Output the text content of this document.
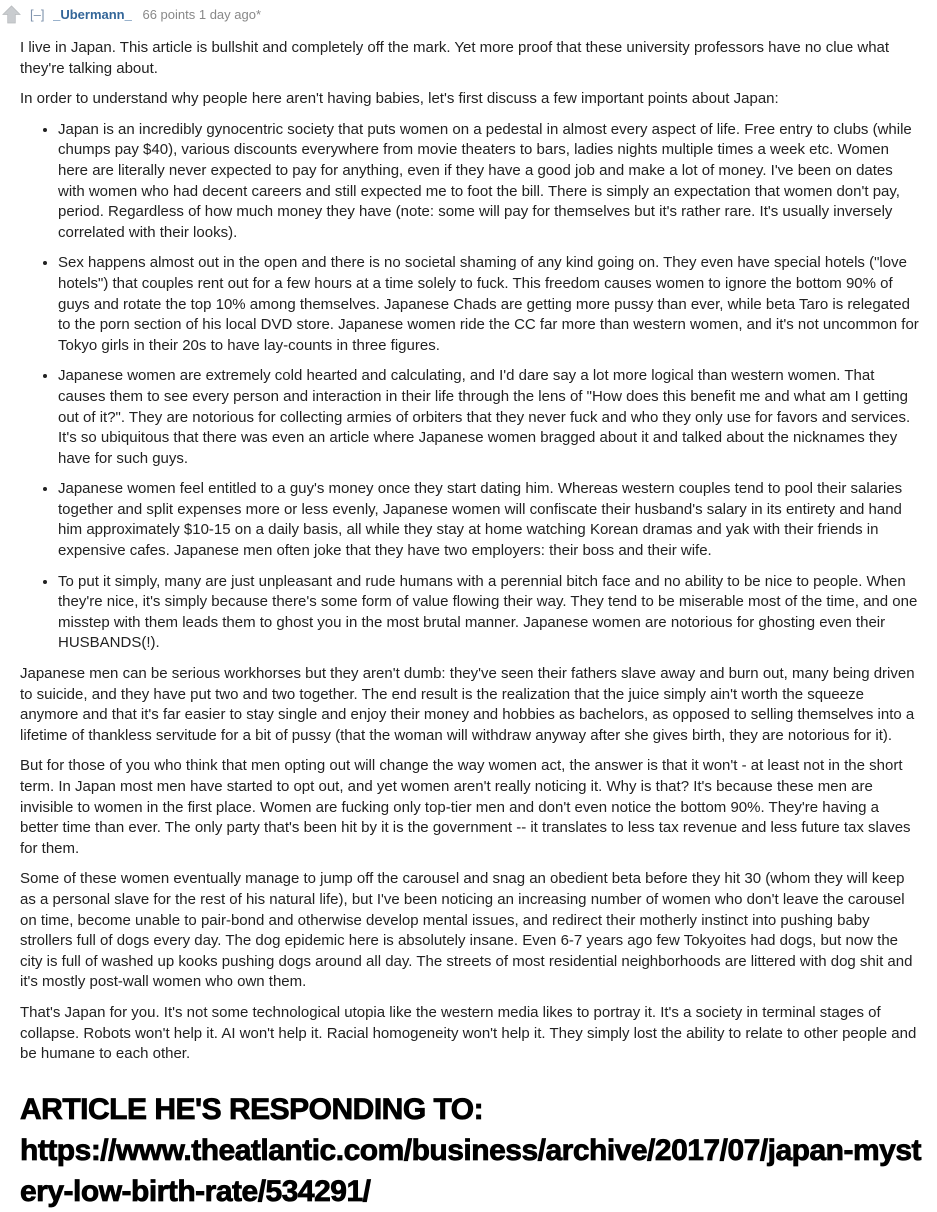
[–] _Ubermann_ 66 points 1 day ago*

I live in Japan. This article is bullshit and completely off the mark. Yet more proof that these university professors have no clue what they're talking about.

In order to understand why people here aren't having babies, let's first discuss a few important points about Japan:

• Japan is an incredibly gynocentric society that puts women on a pedestal in almost every aspect of life. Free entry to clubs (while chumps pay $40), various discounts everywhere from movie theaters to bars, ladies nights multiple times a week etc. Women here are literally never expected to pay for anything, even if they have a good job and make a lot of money. I've been on dates with women who had decent careers and still expected me to foot the bill. There is simply an expectation that women don't pay, period. Regardless of how much money they have (note: some will pay for themselves but it's rather rare. It's usually inversely correlated with their looks).
• Sex happens almost out in the open and there is no societal shaming of any kind going on. They even have special hotels ("love hotels") that couples rent out for a few hours at a time solely to fuck. This freedom causes women to ignore the bottom 90% of guys and rotate the top 10% among themselves. Japanese Chads are getting more pussy than ever, while beta Taro is relegated to the porn section of his local DVD store. Japanese women ride the CC far more than western women, and it's not uncommon for Tokyo girls in their 20s to have lay-counts in three figures.
• Japanese women are extremely cold hearted and calculating, and I'd dare say a lot more logical than western women. That causes them to see every person and interaction in their life through the lens of "How does this benefit me and what am I getting out of it?". They are notorious for collecting armies of orbiters that they never fuck and who they only use for favors and services. It's so ubiquitous that there was even an article where Japanese women bragged about it and talked about the nicknames they have for such guys.
• Japanese women feel entitled to a guy's money once they start dating him. Whereas western couples tend to pool their salaries together and split expenses more or less evenly, Japanese women will confiscate their husband's salary in its entirety and hand him approximately $10-15 on a daily basis, all while they stay at home watching Korean dramas and yak with their friends in expensive cafes. Japanese men often joke that they have two employers: their boss and their wife.
• To put it simply, many are just unpleasant and rude humans with a perennial bitch face and no ability to be nice to people. When they're nice, it's simply because there's some form of value flowing their way. They tend to be miserable most of the time, and one misstep with them leads them to ghost you in the most brutal manner. Japanese women are notorious for ghosting even their HUSBANDS(!).

Japanese men can be serious workhorses but they aren't dumb: they've seen their fathers slave away and burn out, many being driven to suicide, and they have put two and two together. The end result is the realization that the juice simply ain't worth the squeeze anymore and that it's far easier to stay single and enjoy their money and hobbies as bachelors, as opposed to selling themselves into a lifetime of thankless servitude for a bit of pussy (that the woman will withdraw anyway after she gives birth, they are notorious for it).

But for those of you who think that men opting out will change the way women act, the answer is that it won't - at least not in the short term. In Japan most men have started to opt out, and yet women aren't really noticing it. Why is that? It's because these men are invisible to women in the first place. Women are fucking only top-tier men and don't even notice the bottom 90%. They're having a better time than ever. The only party that's been hit by it is the government -- it translates to less tax revenue and less future tax slaves for them.

Some of these women eventually manage to jump off the carousel and snag an obedient beta before they hit 30 (whom they will keep as a personal slave for the rest of his natural life), but I've been noticing an increasing number of women who don't leave the carousel on time, become unable to pair-bond and otherwise develop mental issues, and redirect their motherly instinct into pushing baby strollers full of dogs every day. The dog epidemic here is absolutely insane. Even 6-7 years ago few Tokyoites had dogs, but now the city is full of washed up kooks pushing dogs around all day. The streets of most residential neighborhoods are littered with dog shit and it's mostly post-wall women who own them.

That's Japan for you. It's not some technological utopia like the western media likes to portray it. It's a society in terminal stages of collapse. Robots won't help it. AI won't help it. Racial homogeneity won't help it. They simply lost the ability to relate to other people and be humane to each other.

ARTICLE HE'S RESPONDING TO:
https://www.theatlantic.com/business/archive/2017/07/japan-mystery-low-birth-rate/534291/
